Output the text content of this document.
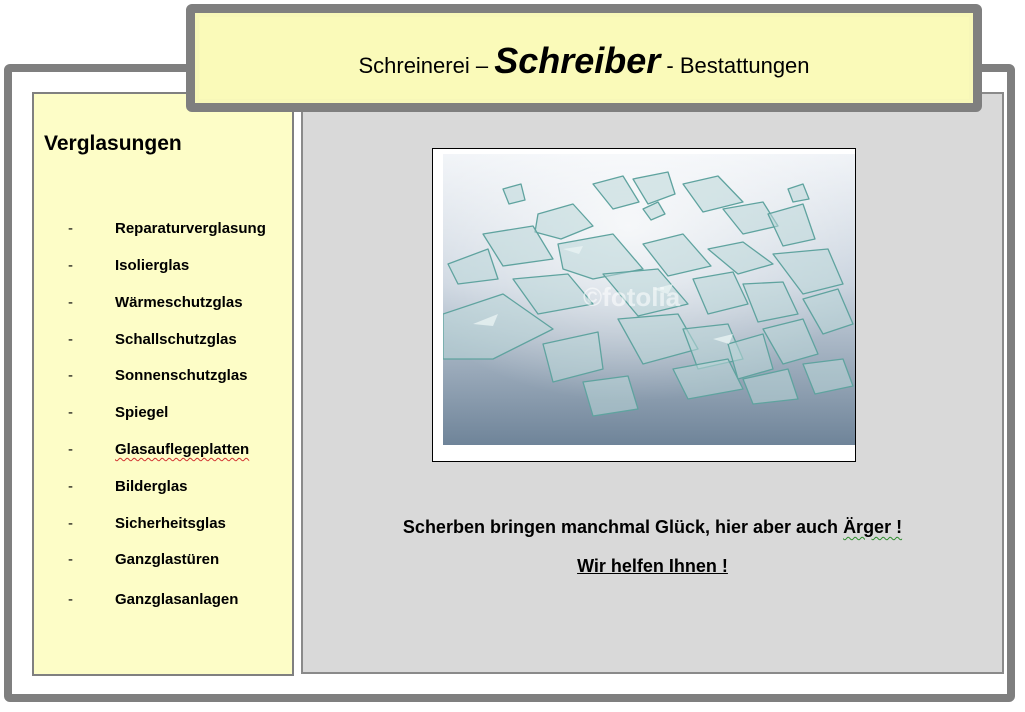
Schreinerei – Schreiber - Bestattungen
Verglasungen
-	Reparaturverglasung
-	Isolierglas
-	Wärmeschutzglas
-	Schallschutzglas
-	Sonnenschutzglas
-	Spiegel
-	Glasauflegeplatten
-	Bilderglas
-	Sicherheitsglas
-	Ganzglastüren
-	Ganzglasanlagen
©fotolia
Scherben bringen manchmal Glück, hier aber auch Ärger !
Wir helfen Ihnen !
